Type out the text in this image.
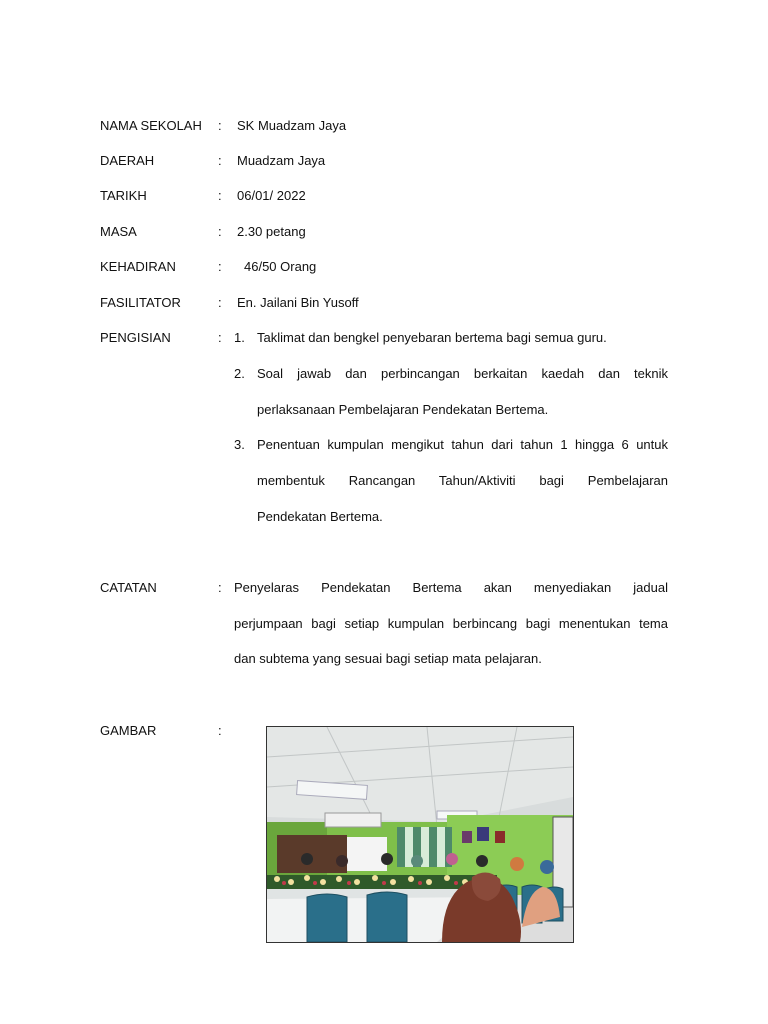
NAMA SEKOLAH : SK Muadzam Jaya
DAERAH	: Muadzam Jaya
TARIKH	: 06/01/ 2022
MASA	: 2.30 petang
KEHADIRAN	: 46/50 Orang
FASILITATOR	: En. Jailani Bin Yusoff
PENGISIAN	: 1. Taklimat dan bengkel penyebaran bertema bagi semua guru.
2. Soal jawab dan perbincangan berkaitan kaedah dan teknik
perlaksanaan Pembelajaran Pendekatan Bertema.
3. Penentuan kumpulan mengikut tahun dari tahun 1 hingga 6 untuk
membentuk Rancangan Tahun/Aktiviti bagi Pembelajaran
Pendekatan Bertema.
CATATAN	: Penyelaras Pendekatan Bertema akan menyediakan jadual
perjumpaan bagi setiap kumpulan berbincang bagi menentukan tema
dan subtema yang sesuai bagi setiap mata pelajaran.
GAMBAR	:
